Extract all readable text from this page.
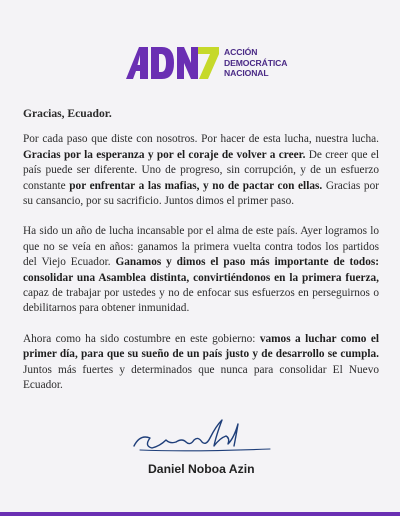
ACCIÓN
DEMOCRÁTICA
NACIONAL

Gracias, Ecuador.

Por cada paso que diste con nosotros. Por hacer de esta lucha, nuestra lucha. Gracias por la esperanza y por el coraje de volver a creer. De creer que el país puede ser diferente. Uno de progreso, sin corrupción, y de un esfuerzo constante por enfrentar a las mafias, y no de pactar con ellas. Gracias por su cansancio, por su sacrificio. Juntos dimos el primer paso.

Ha sido un año de lucha incansable por el alma de este país. Ayer logramos lo que no se veía en años: ganamos la primera vuelta contra todos los partidos del Viejo Ecuador. Ganamos y dimos el paso más importante de todos: consolidar una Asamblea distinta, convirtiéndonos en la primera fuerza, capaz de trabajar por ustedes y no de enfocar sus esfuerzos en perseguirnos o debilitarnos para obtener inmunidad.

Ahora como ha sido costumbre en este gobierno: vamos a luchar como el primer día, para que su sueño de un país justo y de desarrollo se cumpla. Juntos más fuertes y determinados que nunca para consolidar El Nuevo Ecuador.

Daniel Noboa Azin
